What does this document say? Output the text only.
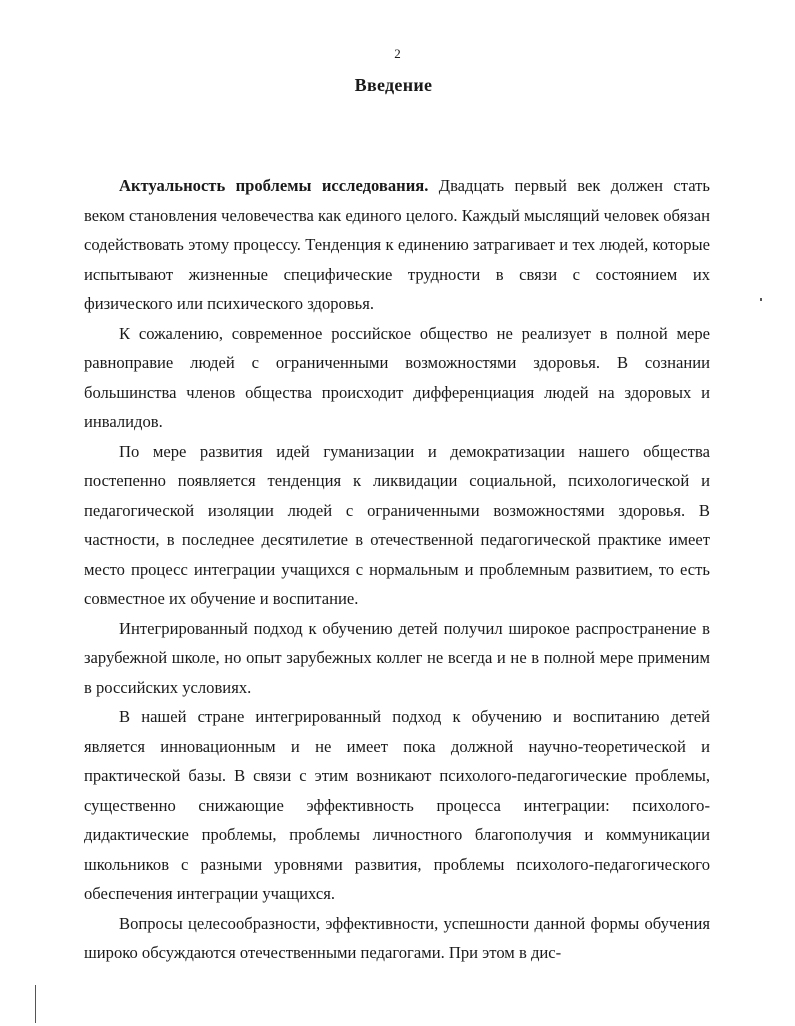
2
Введение

Актуальность проблемы исследования. Двадцать первый век должен стать веком становления человечества как единого целого. Каждый мыслящий человек обязан содействовать этому процессу. Тенденция к единению затрагивает и тех людей, которые испытывают жизненные специфические трудности в связи с состоянием их физического или психического здоровья.

К сожалению, современное российское общество не реализует в полной мере равноправие людей с ограниченными возможностями здоровья. В сознании большинства членов общества происходит дифференциация людей на здоровых и инвалидов.

По мере развития идей гуманизации и демократизации нашего общества постепенно появляется тенденция к ликвидации социальной, психологической и педагогической изоляции людей с ограниченными возможностями здоровья. В частности, в последнее десятилетие в отечественной педагогической практике имеет место процесс интеграции учащихся с нормальным и проблемным развитием, то есть совместное их обучение и воспитание.

Интегрированный подход к обучению детей получил широкое распространение в зарубежной школе, но опыт зарубежных коллег не всегда и не в полной мере применим в российских условиях.

В нашей стране интегрированный подход к обучению и воспитанию детей является инновационным и не имеет пока должной научно-теоретической и практической базы. В связи с этим возникают психолого-педагогические проблемы, существенно снижающие эффективность процесса интеграции: психолого-дидактические проблемы, проблемы личностного благополучия и коммуникации школьников с разными уровнями развития, проблемы психолого-педагогического обеспечения интеграции учащихся.

Вопросы целесообразности, эффективности, успешности данной формы обучения широко обсуждаются отечественными педагогами. При этом в дис-
